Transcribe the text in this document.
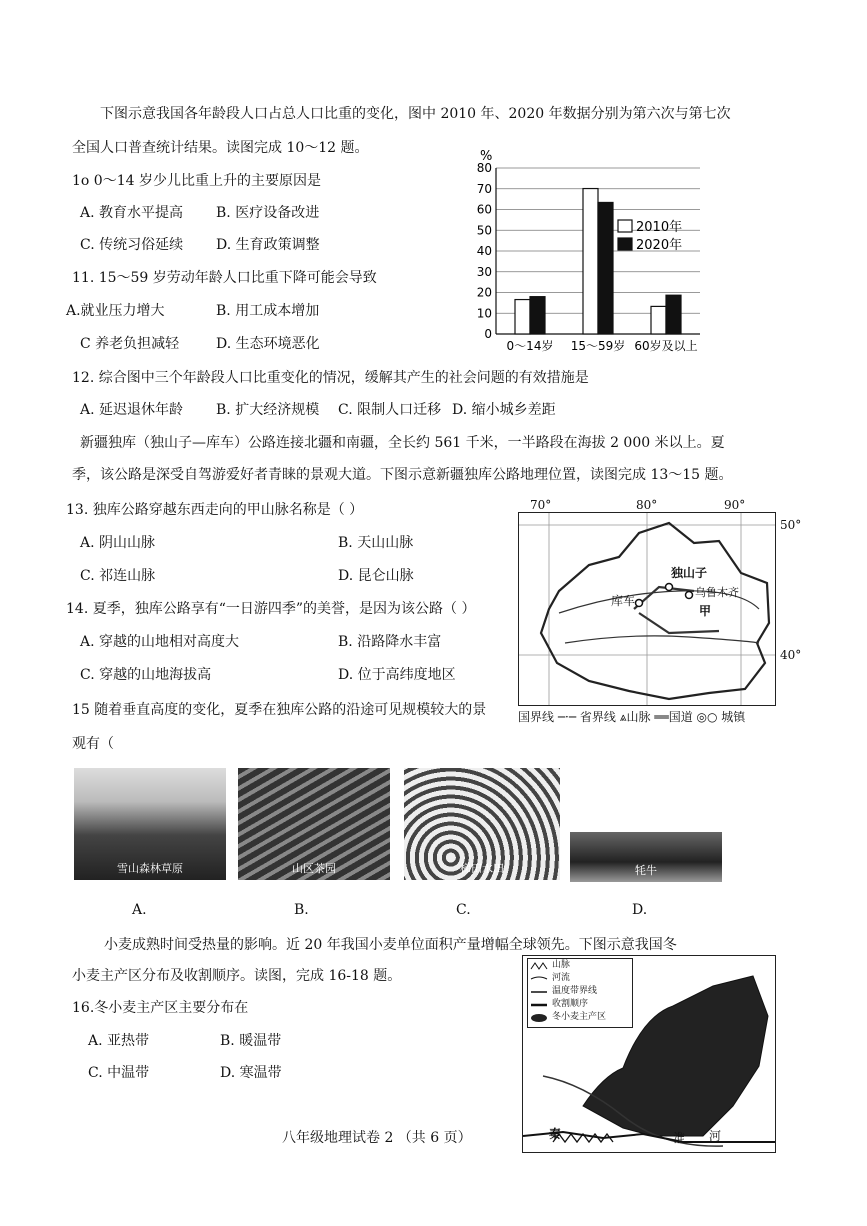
下图示意我国各年龄段人口占总人口比重的变化，图中 2010 年、2020 年数据分别为第六次与第七次
全国人口普查统计结果。读图完成 10～12 题。
1o 0～14 岁少儿比重上升的主要原因是
A. 教育水平提高 B. 医疗设备改进
C. 传统习俗延续 D. 生育政策调整
11. 15～59 岁劳动年龄人口比重下降可能会导致
A.就业压力增大	B. 用工成本增加
C 养老负担减轻	D. 生态环境恶化
0
10
20
30
40
50
60
70
80
%
0～14岁 15～59岁 60岁及以上
2010年
2020年
12. 综合图中三个年龄段人口比重变化的情况，缓解其产生的社会问题的有效措施是
A. 延迟退休年龄 B. 扩大经济规模 C. 限制人口迁移 D. 缩小城乡差距
新疆独库（独山子—库车）公路连接北疆和南疆，全长约 561 千米，一半路段在海拔 2 000 米以上。夏
季，该公路是深受自驾游爱好者青睐的景观大道。下图示意新疆独库公路地理位置，读图完成 13～15 题。
13. 独库公路穿越东西走向的甲山脉名称是（ ）
A. 阴山山脉	B. 天山山脉
C. 祁连山脉	D. 昆仑山脉
14. 夏季，独库公路享有“一日游四季”的美誉，是因为该公路（ ）
A. 穿越的山地相对高度大	B. 沿路降水丰富
C. 穿越的山地海拔高	D. 位于高纬度地区
70°	80°	90°
独山子
乌鲁木齐
库车
甲
50°
40°
国界线 ─·─ 省界线 ⩓山脉 ══国道 ◎○ 城镇
15 随着垂直高度的变化，夏季在独库公路的沿途可见规模较大的景
观有（
雪山森林草原	山区茶园	梯田水田	牦牛
A.	B.	C.	D.
小麦成熟时间受热量的影响。近 20 年我国小麦单位面积产量增幅全球领先。下图示意我国冬
小麦主产区分布及收割顺序。读图，完成 16-18 题。
16.冬小麦主产区主要分布在
A. 亚热带	B. 暖温带
C. 中温带	D. 寒温带
山脉
河流
温度带界线
收割顺序
冬小麦主产区
秦	淮 河
八年级地理试卷 2 （共 6 页）
